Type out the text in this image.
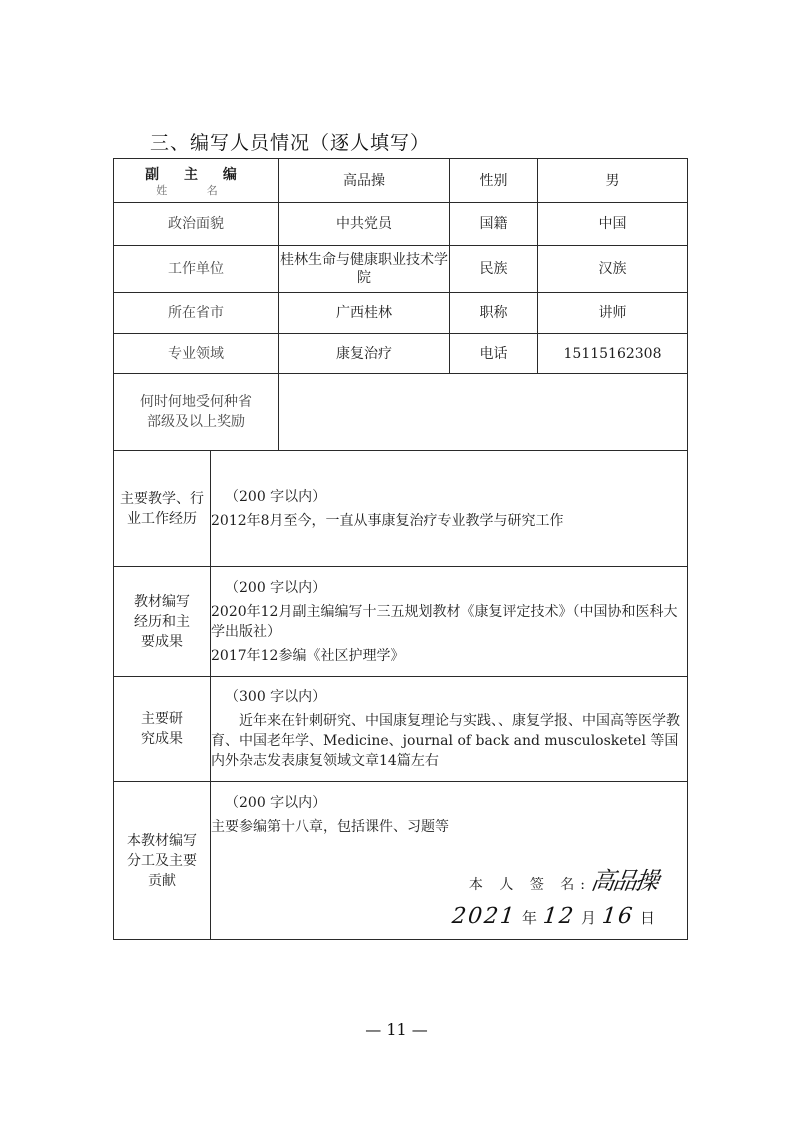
三、编写人员情况（逐人填写）
副 主 编
姓 名		高品操	性别	男
政治面貌		中共党员	国籍	中国
工作单位		桂林生命与健康职业技术学院	民族	汉族
所在省市		广西桂林	职称	讲师
专业领域		康复治疗	电话	15115162308
何时何地受何种省部级及以上奖励				
主要教学、行业工作经历	（200 字以内）
2012年8月至今，一直从事康复治疗专业教学与研究工作			

教材编写经历和主要成果	（200 字以内）
2020年12月副主编编写十三五规划教材《康复评定技术》（中国协和医科大学出版社）
2017年12参编《社区护理学》			

主要研究成果	（300 字以内）
近年来在针刺研究、中国康复理论与实践、、康复学报、中国高等医学教育、中国老年学、Medicine、journal of back and musculosketel 等国内外杂志发表康复领域文章14篇左右			

本教材编写分工及主要贡献	（200 字以内）
主要参编第十八章，包括课件、习题等
本 人 签 名:高品操
2021 年 12 月 16 日			
— 11 —
